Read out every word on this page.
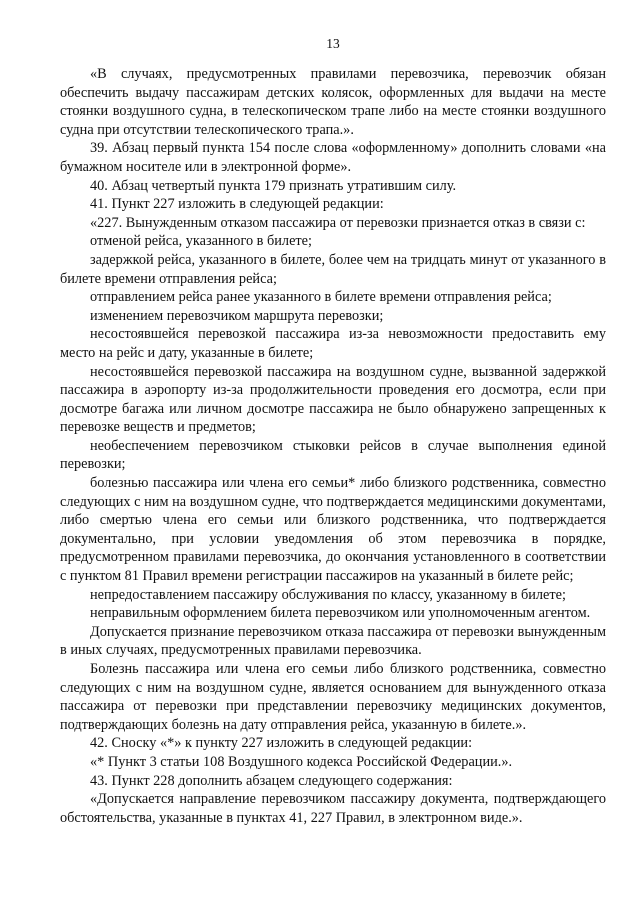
13

«В случаях, предусмотренных правилами перевозчика, перевозчик обязан обеспечить выдачу пассажирам детских колясок, оформленных для выдачи на месте стоянки воздушного судна, в телескопическом трапе либо на месте стоянки воздушного судна при отсутствии телескопического трапа.».

39. Абзац первый пункта 154 после слова «оформленному» дополнить словами «на бумажном носителе или в электронной форме».

40. Абзац четвертый пункта 179 признать утратившим силу.

41. Пункт 227 изложить в следующей редакции:

«227. Вынужденным отказом пассажира от перевозки признается отказ в связи с:

отменой рейса, указанного в билете;

задержкой рейса, указанного в билете, более чем на тридцать минут от указанного в билете времени отправления рейса;

отправлением рейса ранее указанного в билете времени отправления рейса;

изменением перевозчиком маршрута перевозки;

несостоявшейся перевозкой пассажира из-за невозможности предоставить ему место на рейс и дату, указанные в билете;

несостоявшейся перевозкой пассажира на воздушном судне, вызванной задержкой пассажира в аэропорту из-за продолжительности проведения его досмотра, если при досмотре багажа или личном досмотре пассажира не было обнаружено запрещенных к перевозке веществ и предметов;

необеспечением перевозчиком стыковки рейсов в случае выполнения единой перевозки;

болезнью пассажира или члена его семьи* либо близкого родственника, совместно следующих с ним на воздушном судне, что подтверждается медицинскими документами, либо смертью члена его семьи или близкого родственника, что подтверждается документально, при условии уведомления об этом перевозчика в порядке, предусмотренном правилами перевозчика, до окончания установленного в соответствии с пунктом 81 Правил времени регистрации пассажиров на указанный в билете рейс;

непредоставлением пассажиру обслуживания по классу, указанному в билете;

неправильным оформлением билета перевозчиком или уполномоченным агентом.

Допускается признание перевозчиком отказа пассажира от перевозки вынужденным в иных случаях, предусмотренных правилами перевозчика.

Болезнь пассажира или члена его семьи либо близкого родственника, совместно следующих с ним на воздушном судне, является основанием для вынужденного отказа пассажира от перевозки при представлении перевозчику медицинских документов, подтверждающих болезнь на дату отправления рейса, указанную в билете.».

42. Сноску «*» к пункту 227 изложить в следующей редакции:

«* Пункт 3 статьи 108 Воздушного кодекса Российской Федерации.».

43. Пункт 228 дополнить абзацем следующего содержания:

«Допускается направление перевозчиком пассажиру документа, подтверждающего обстоятельства, указанные в пунктах 41, 227 Правил, в электронном виде.».
